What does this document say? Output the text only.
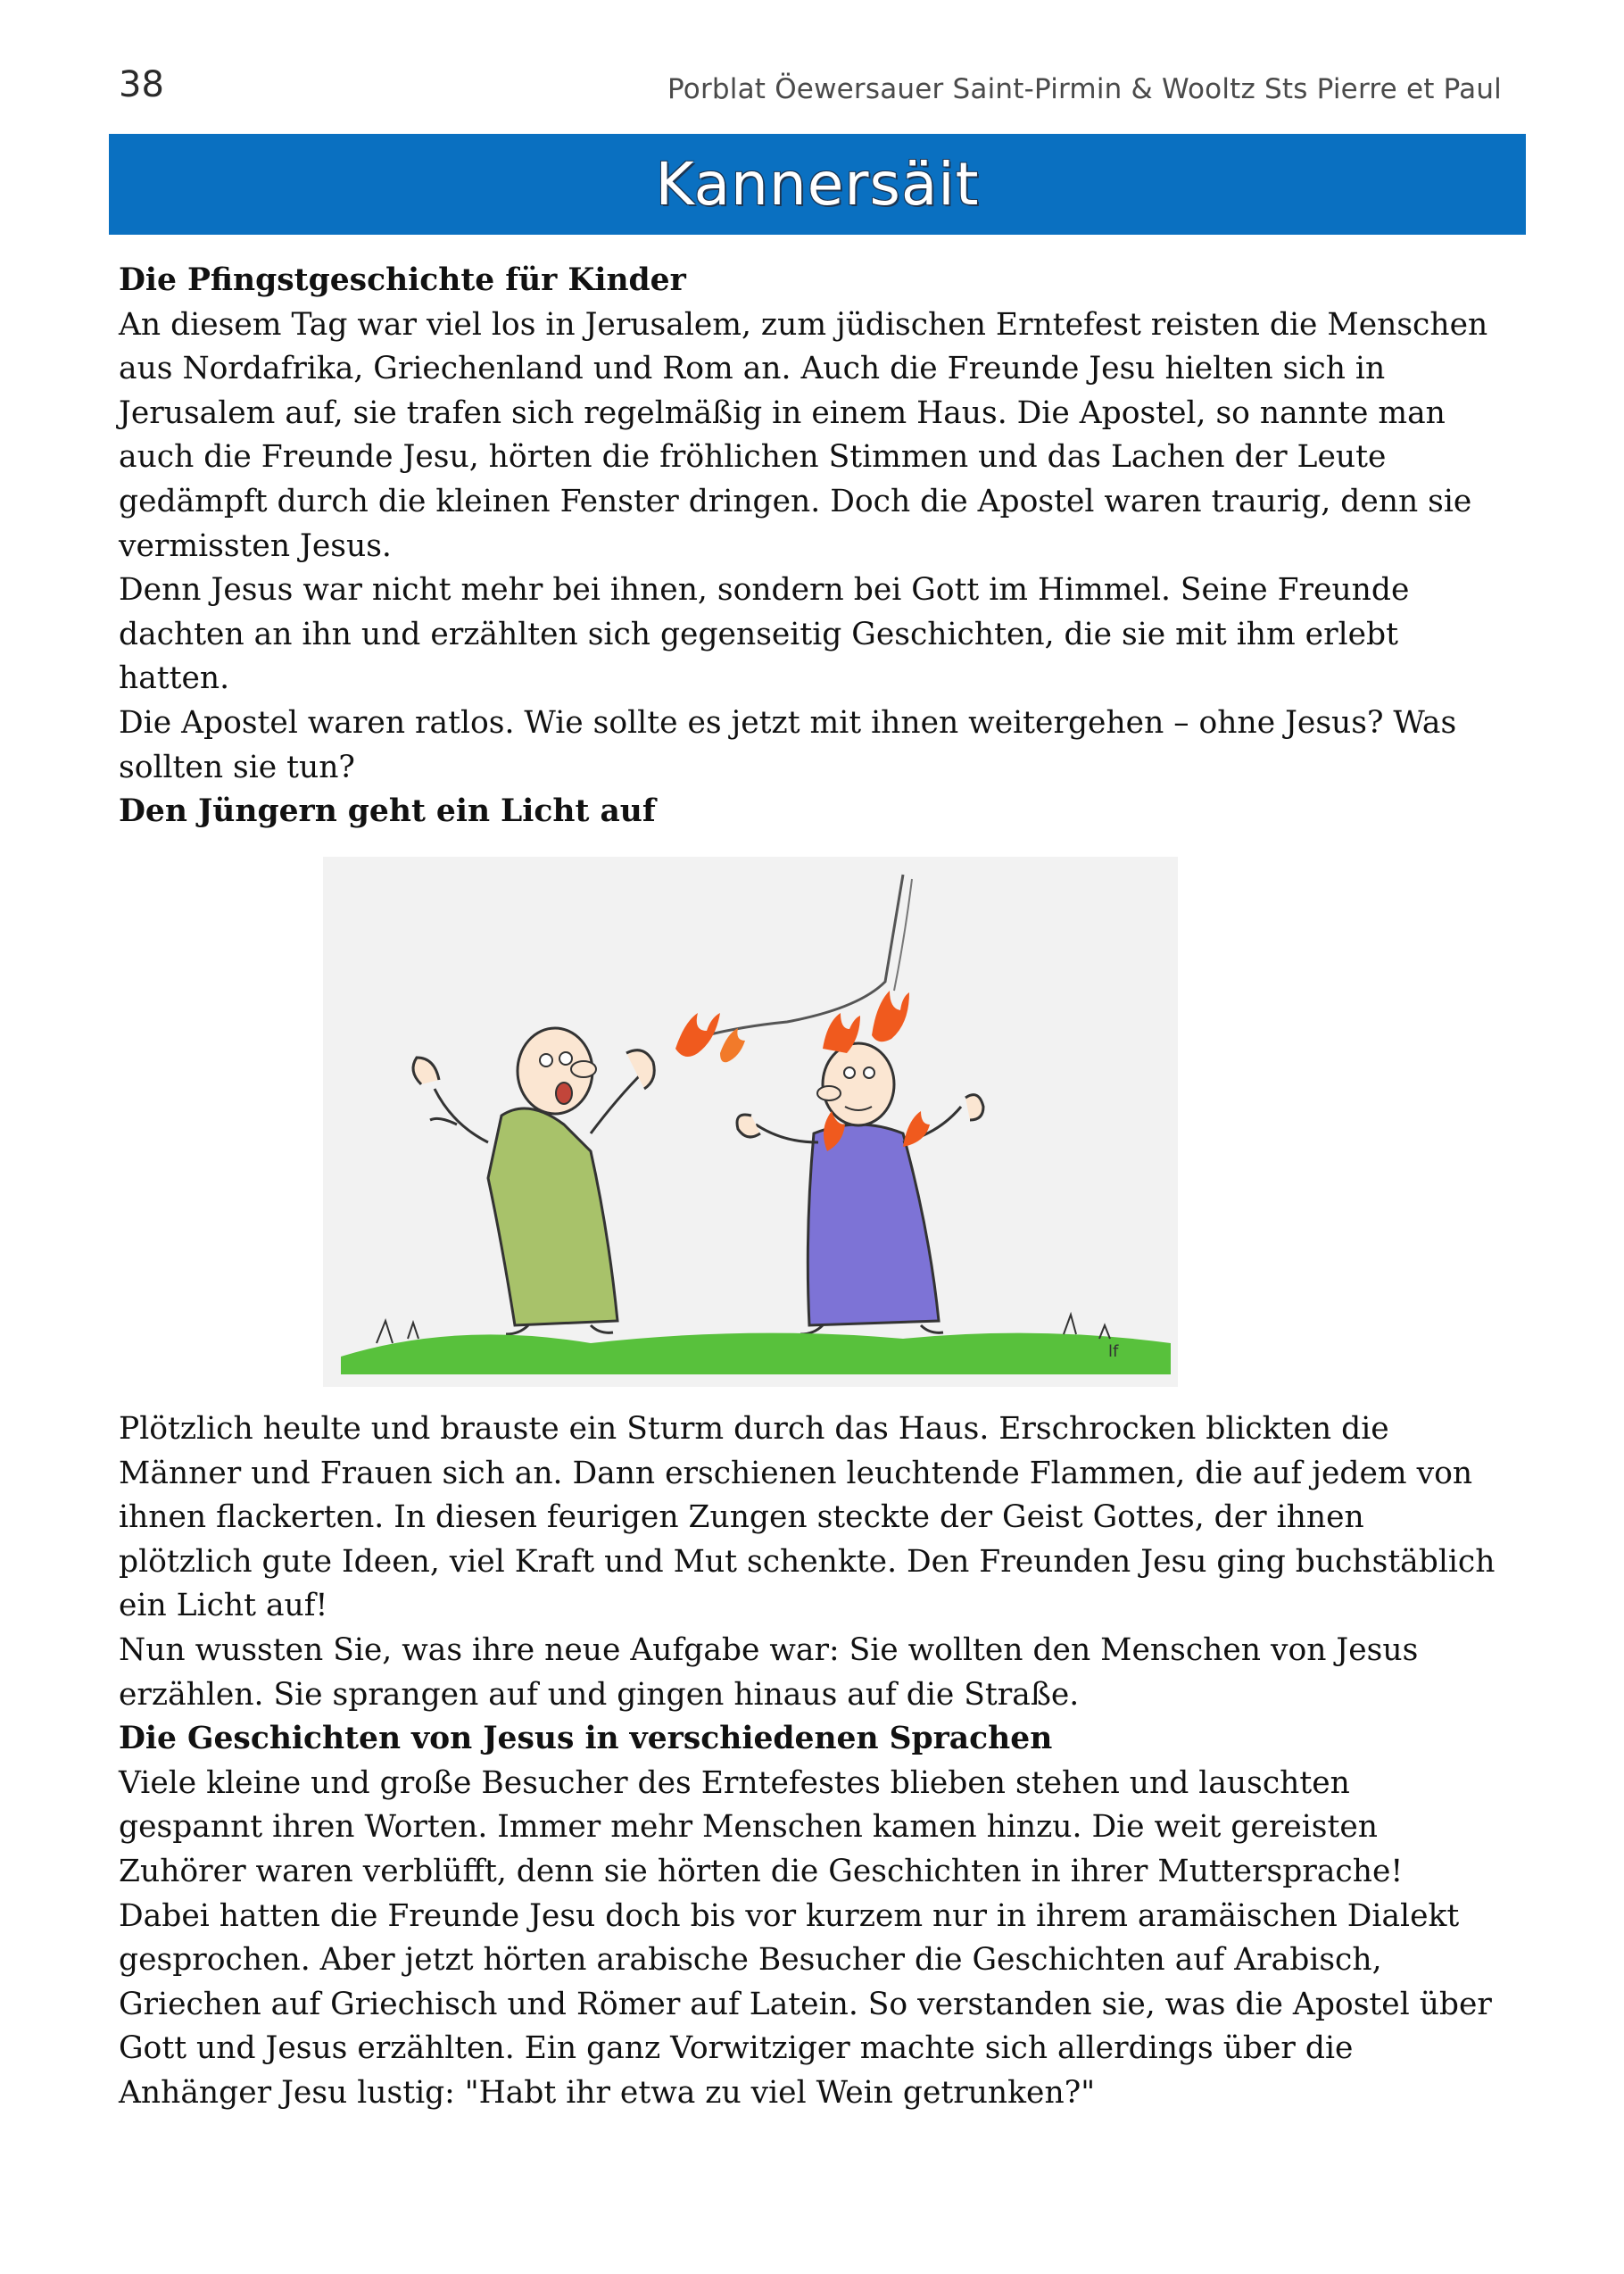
38	Porblat Öewersauer Saint-Pirmin & Wooltz Sts Pierre et Paul
Kannersäit
Die Pfingstgeschichte für Kinder

An diesem Tag war viel los in Jerusalem, zum jüdischen Erntefest reisten die Menschen aus Nordafrika, Griechenland und Rom an. Auch die Freunde Jesu hielten sich in Jerusalem auf, sie trafen sich regelmäßig in einem Haus. Die Apostel, so nannte man auch die Freunde Jesu, hörten die fröhlichen Stimmen und das Lachen der Leute gedämpft durch die kleinen Fenster dringen. Doch die Apostel waren traurig, denn sie vermissten Jesus.

Denn Jesus war nicht mehr bei ihnen, sondern bei Gott im Himmel. Seine Freunde dachten an ihn und erzählten sich gegenseitig Geschichten, die sie mit ihm erlebt hatten.

Die Apostel waren ratlos. Wie sollte es jetzt mit ihnen weitergehen – ohne Jesus? Was sollten sie tun?

Den Jüngern geht ein Licht auf
lf

Plötzlich heulte und brauste ein Sturm durch das Haus. Erschrocken blickten die Männer und Frauen sich an. Dann erschienen leuchtende Flammen, die auf jedem von ihnen flackerten. In diesen feurigen Zungen steckte der Geist Gottes, der ihnen plötzlich gute Ideen, viel Kraft und Mut schenkte. Den Freunden Jesu ging buchstäblich ein Licht auf!

Nun wussten Sie, was ihre neue Aufgabe war: Sie wollten den Menschen von Jesus erzählen. Sie sprangen auf und gingen hinaus auf die Straße.

Die Geschichten von Jesus in verschiedenen Sprachen

Viele kleine und große Besucher des Erntefestes blieben stehen und lauschten gespannt ihren Worten. Immer mehr Menschen kamen hinzu. Die weit gereisten Zuhörer waren verblüfft, denn sie hörten die Geschichten in ihrer Muttersprache! Dabei hatten die Freunde Jesu doch bis vor kurzem nur in ihrem aramäischen Dialekt gesprochen. Aber jetzt hörten arabische Besucher die Geschichten auf Arabisch, Griechen auf Griechisch und Römer auf Latein. So verstanden sie, was die Apostel über Gott und Jesus erzählten. Ein ganz Vorwitziger machte sich allerdings über die Anhänger Jesu lustig: "Habt ihr etwa zu viel Wein getrunken?"
